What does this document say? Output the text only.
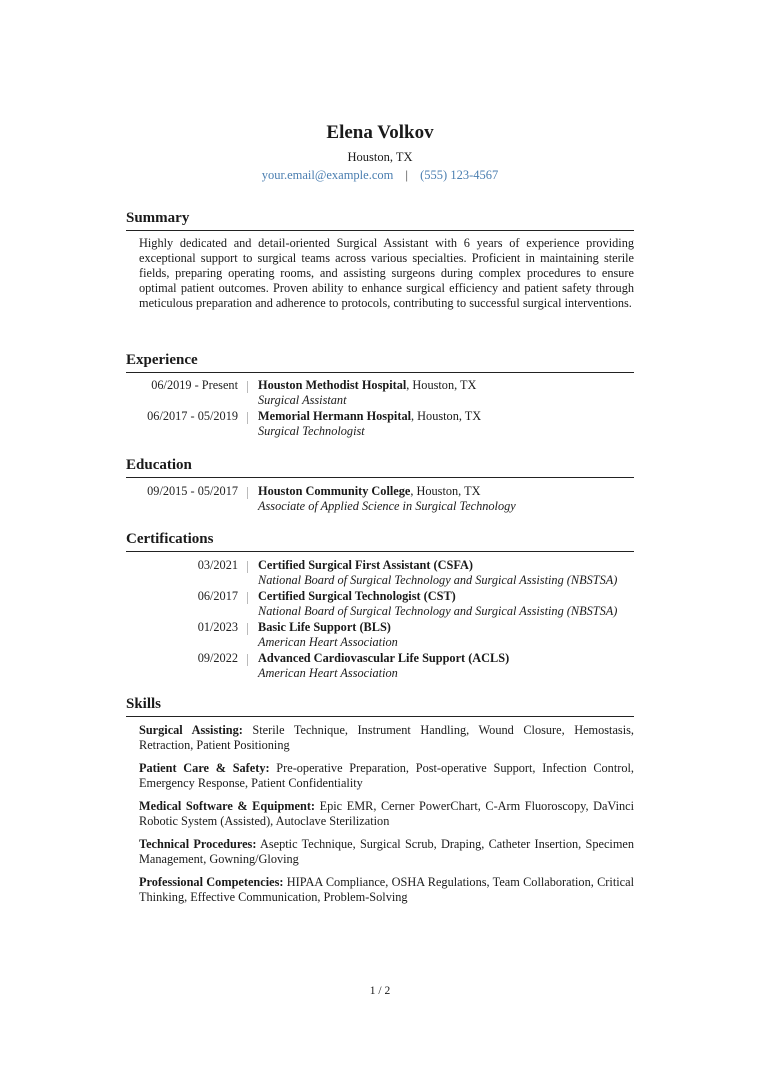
Elena Volkov
Houston, TX
your.email@example.com | (555) 123-4567
Summary
Highly dedicated and detail-oriented Surgical Assistant with 6 years of experience providing exceptional support to surgical teams across various specialties. Proficient in maintaining sterile fields, preparing operating rooms, and assisting surgeons during complex procedures to ensure optimal patient outcomes. Proven ability to enhance surgical efficiency and patient safety through meticulous preparation and adherence to protocols, contributing to successful surgical interventions.
Experience
06/2019 - Present Houston Methodist Hospital, Houston, TX
Surgical Assistant
06/2017 - 05/2019 Memorial Hermann Hospital, Houston, TX
Surgical Technologist
Education
09/2015 - 05/2017 Houston Community College, Houston, TX
Associate of Applied Science in Surgical Technology
Certifications
03/2021 Certified Surgical First Assistant (CSFA)
National Board of Surgical Technology and Surgical Assisting (NBSTSA)
06/2017 Certified Surgical Technologist (CST)
National Board of Surgical Technology and Surgical Assisting (NBSTSA)
01/2023 Basic Life Support (BLS)
American Heart Association
09/2022 Advanced Cardiovascular Life Support (ACLS)
American Heart Association
Skills
Surgical Assisting: Sterile Technique, Instrument Handling, Wound Closure, Hemostasis, Retraction, Patient Positioning
Patient Care & Safety: Pre-operative Preparation, Post-operative Support, Infection Control, Emergency Response, Patient Confidentiality
Medical Software & Equipment: Epic EMR, Cerner PowerChart, C-Arm Fluoroscopy, DaVinci Robotic System (Assisted), Autoclave Sterilization
Technical Procedures: Aseptic Technique, Surgical Scrub, Draping, Catheter Insertion, Specimen Management, Gowning/Gloving
Professional Competencies: HIPAA Compliance, OSHA Regulations, Team Collaboration, Critical Thinking, Effective Communication, Problem-Solving
1 / 2
